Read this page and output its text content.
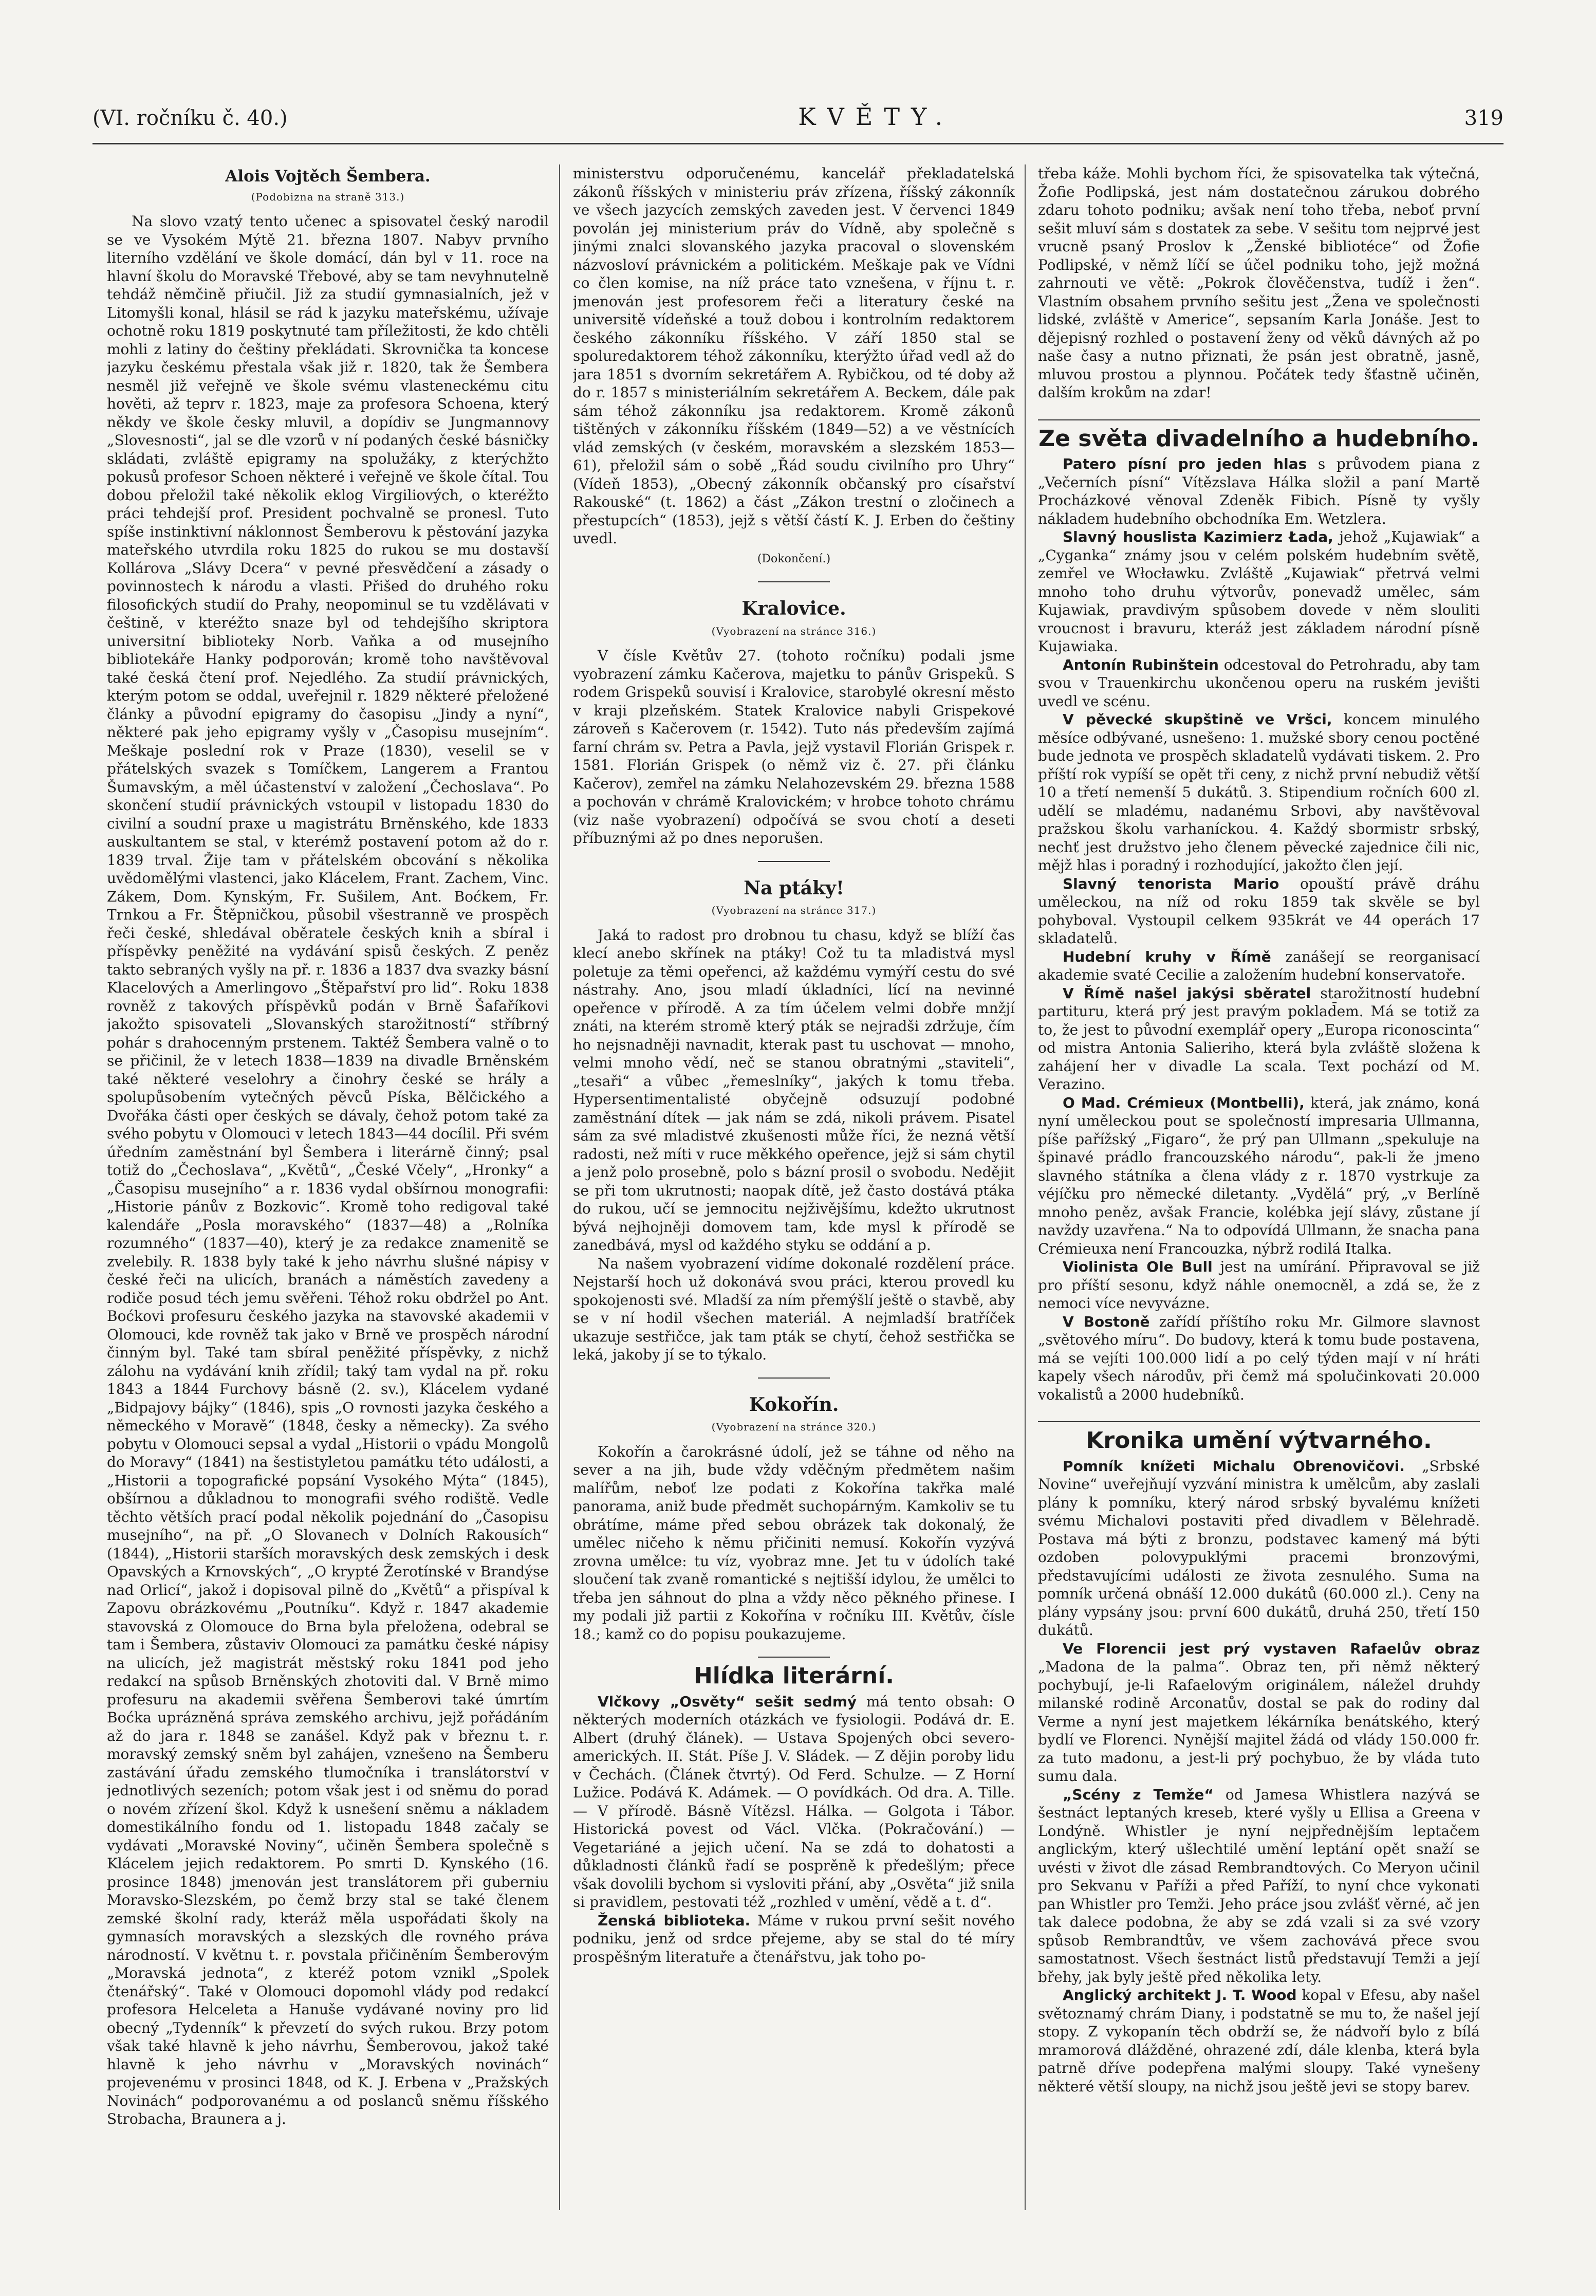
(VI. ročníku č. 40.)	KVĚTY.	319
Alois Vojtěch Šembera.
(Podobizna na straně 313.)

Na slovo vzatý tento učenec a spisovatel český narodil se ve Vysokém Mýtě 21. března 1807. Nabyv prvního literního vzdělání ve škole domácí, dán byl v 11. roce na hlavní školu do Moravské Třebové, aby se tam nevyhnutelně tehdáž němčině přiučil. Již za studií gymnasialních, jež v Litomyšli konal, hlásil se rád k jazyku mateřskému, užívaje ochotně roku 1819 poskytnuté tam příležitosti, že kdo chtěli mohli z latiny do češtiny překládati. Skrovnička ta koncese jazyku českému přestala však již r. 1820, tak že Šembera nesměl již veřejně ve škole svému vlasteneckému citu hověti, až teprv r. 1823, maje za profesora Schoena, který někdy ve škole česky mluvil, a dopídiv se Jungmannovy „Slovesnosti“, jal se dle vzorů v ní podaných české básničky skládati, zvláště epigramy na spolužáky, z kterýchžto pokusů profesor Schoen některé i veřejně ve škole čítal. Tou dobou přeložil také několik eklog Virgiliových, o kteréžto práci tehdejší prof. President pochvalně se pronesl. Tuto spíše instinktivní náklonnost Šemberovu k pěstování jazyka mateřského utvrdila roku 1825 do rukou se mu dostavší Kollárova „Slávy Dcera“ v pevné přesvědčení a zásady o povinnostech k národu a vlasti. Přišed do druhého roku filosofických studií do Prahy, neopominul se tu vzdělávati v češtině, v kteréžto snaze byl od tehdejšího skriptora universitní biblioteky Norb. Vaňka a od musejního bibliotekáře Hanky podporován; kromě toho navštěvoval také česká čtení prof. Nejedlého. Za studií právnických, kterým potom se oddal, uveřejnil r. 1829 některé přeložené články a původní epigramy do časopisu „Jindy a nyní“, některé pak jeho epigramy vyšly v „Časopisu musejním“. Meškaje poslední rok v Praze (1830), veselil se v přátelských svazek s Tomíčkem, Langerem a Frantou Šumavským, a měl účastenství v založení „Čechoslava“. Po skončení studií právnických vstoupil v listopadu 1830 do civilní a soudní praxe u magistrátu Brněnského, kde 1833 auskultantem se stal, v kterémž postavení potom až do r. 1839 trval. Žije tam v přátelském obcování s několika uvědomělými vlastenci, jako Klácelem, Frant. Zachem, Vinc. Zákem, Dom. Kynským, Fr. Sušilem, Ant. Boćkem, Fr. Trnkou a Fr. Štěpničkou, působil všestranně ve prospěch řeči české, shledával oběratele českých knih a sbíral i příspěvky peněžité na vydávání spisů českých. Z peněz takto sebraných vyšly na př. r. 1836 a 1837 dva svazky básní Klacelových a Amerlingovo „Štěpařství pro lid“. Roku 1838 rovněž z takových příspěvků podán v Brně Šafaříkovi jakožto spisovateli „Slovanských starožitností“ stříbrný pohár s drahocenným prstenem. Taktéž Šembera valně o to se přičinil, že v letech 1838—1839 na divadle Brněnském také některé veselohry a činohry české se hrály a spolupůsobením vytečných pěvců Píska, Bělčického a Dvořáka části oper českých se dávaly, čehož potom také za svého pobytu v Olomouci v letech 1843—44 docílil. Při svém úředním zaměstnání byl Šembera i literárně činný; psal totiž do „Čechoslava“, „Květů“, „České Včely“, „Hronky“ a „Časopisu musejního“ a r. 1836 vydal obšírnou monografii: „Historie pánův z Bozkovic“. Kromě toho redigoval také kalendáře „Posla moravského“ (1837—48) a „Rolníka rozumného“ (1837—40), který je za redakce znamenitě se zvelebily. R. 1838 byly také k jeho návrhu slušné nápisy v české řeči na ulicích, branách a náměstích zavedeny a rodiče posud téch jemu svěřeni. Téhož roku obdržel po Ant. Boćkovi profesuru českého jazyka na stavovské akademii v Olomouci, kde rovněž tak jako v Brně ve prospěch národní činným byl. Také tam sbíral peněžité příspěvky, z nichž zálohu na vydávání knih zřídil; taký tam vydal na př. roku 1843 a 1844 Furchovy básně (2. sv.), Klácelem vydané „Bidpajovy bájky“ (1846), spis „O rovnosti jazyka českého a německého v Moravě“ (1848, česky a německy). Za svého pobytu v Olomouci sepsal a vydal „Historii o vpádu Mongolů do Moravy“ (1841) na šestistyletou památku této události, a „Historii a topografické popsání Vysokého Mýta“ (1845), obšírnou a důkladnou to monografii svého rodiště. Vedle těchto větších prací podal několik pojednání do „Časopisu musejního“, na př. „O Slovanech v Dolních Rakousích“ (1844), „Historii starších moravských desk zemských i desk Opavských a Krnovských“, „O krypté Žerotínské v Brandýse nad Orlicí“, jakož i dopisoval pilně do „Květů“ a přispíval k Zapovu obrázkovému „Poutníku“. Když r. 1847 akademie stavovská z Olomouce do Brna byla přeložena, odebral se tam i Šembera, zůstaviv Olomouci za památku české nápisy na ulicích, jež magistrát městský roku 1841 pod jeho redakcí na spůsob Brněnských zhotoviti dal. V Brně mimo profesuru na akademii svěřena Šemberovi také úmrtím Boćka uprázněná správa zemského archivu, jejž pořádáním až do jara r. 1848 se zanášel. Když pak v březnu t. r. moravský zemský sněm byl zahájen, vznešeno na Šemberu zastávání úřadu zemského tlumočníka i translátorství v jednotlivých sezeních; potom však jest i od sněmu do porad o novém zřízení škol. Když k usnešení sněmu a nákladem domestikálního fondu od 1. listopadu 1848 začaly se vydávati „Moravské Noviny“, učiněn Šembera společně s Klácelem jejich redaktorem. Po smrti D. Kynského (16. prosince 1848) jmenován jest translátorem při guberniu Moravsko-Slezském, po čemž brzy stal se také členem zemské školní rady, kteráž měla uspořádati školy na gymnasích moravských a slezských dle rovného práva národností. V květnu t. r. povstala přičiněním Šemberovým „Moravská jednota“, z kteréž potom vznikl „Spolek čtenářský“. Také v Olomouci dopomohl vlády pod redakcí profesora Helceleta a Hanuše vydávané noviny pro lid obecný „Tydenník“ k převzetí do svých rukou. Brzy potom však také hlavně k jeho návrhu, Šemberovou, jakož také hlavně k jeho návrhu v „Moravských novinách“ projevenému v prosinci 1848, od K. J. Erbena v „Pražských Novinách“ podporovanému a od poslanců sněmu říšského Strobacha, Braunera a j.

ministerstvu odporučenému, kancelář překladatelská zákonů říšských v ministeriu práv zřízena, říšský zákonník ve všech jazycích zemských zaveden jest. V červenci 1849 povolán jej ministerium práv do Vídně, aby společně s jinými znalci slovanského jazyka pracoval o slovenském názvosloví právnickém a politickém. Meškaje pak ve Vídni co člen komise, na níž práce tato vznešena, v říjnu t. r. jmenován jest profesorem řeči a literatury české na universitě vídeňské a touž dobou i kontrolním redaktorem českého zákonníku říšského. V září 1850 stal se spoluredaktorem téhož zákonníku, kterýžto úřad vedl až do jara 1851 s dvorním sekretářem A. Rybičkou, od té doby až do r. 1857 s ministeriálním sekretářem A. Beckem, dále pak sám téhož zákonníku jsa redaktorem. Kromě zákonů tištěných v zákonníku říšském (1849—52) a ve věstnících vlád zemských (v českém, moravském a slezském 1853—61), přeložil sám o sobě „Řád soudu civilního pro Uhry“ (Vídeň 1853), „Obecný zákonník občanský pro císařství Rakouské“ (t. 1862) a část „Zákon trestní o zločinech a přestupcích“ (1853), jejž s větší částí K. J. Erben do češtiny uvedl.

(Dokončení.)
Kralovice.
(Vyobrazení na stránce 316.)

V čísle Květův 27. (tohoto ročníku) podali jsme vyobrazení zámku Kačerova, majetku to pánův Grispeků. S rodem Grispeků souvisí i Kralovice, starobylé okresní město v kraji plzeňském. Statek Kralovice nabyli Grispekové zároveň s Kačerovem (r. 1542). Tuto nás především zajímá farní chrám sv. Petra a Pavla, jejž vystavil Florián Grispek r. 1581. Florián Grispek (o němž viz č. 27. při článku Kačerov), zemřel na zámku Nelahozevském 29. března 1588 a pochován v chrámě Kralovickém; v hrobce tohoto chrámu (viz naše vyobrazení) odpočívá se svou chotí a deseti příbuznými až po dnes neporušen.

Na ptáky!
(Vyobrazení na stránce 317.)

Jaká to radost pro drobnou tu chasu, když se blíží čas klecí anebo skřínek na ptáky! Což tu ta mladistvá mysl poletuje za těmi opeřenci, až každému vymýří cestu do své nástrahy. Ano, jsou mladí úkladníci, lící na nevinné opeřence v přírodě. A za tím účelem velmi dobře mnžjí znáti, na kterém stromě který pták se nejradši zdržuje, čím ho nejsnadněji navnadit, kterak past tu uschovat — mnoho, velmi mnoho vědí, neč se stanou obratnými „staviteli“, „tesaři“ a vůbec „řemeslníky“, jakých k tomu třeba. Hypersentimentalisté obyčejně odsuzují podobné zaměstnání dítek — jak nám se zdá, nikoli právem. Pisatel sám za své mladistvé zkušenosti může říci, že nezná větší radosti, než míti v ruce měkkého opeřence, jejž si sám chytil a jenž polo prosebně, polo s bázní prosil o svobodu. Nedějit se při tom ukrutnosti; naopak dítě, jež často dostává ptáka do rukou, učí se jemnocitu nejživějšímu, kdežto ukrutnost bývá nejhojněji domovem tam, kde mysl k přírodě se zanedbává, mysl od každého styku se oddání a p.

Na našem vyobrazení vidíme dokonalé rozdělení práce. Nejstarší hoch už dokonává svou práci, kterou provedl ku spokojenosti své. Mladší za ním přemýšlí ještě o stavbě, aby se v ní hodil všechen materiál. A nejmladší bratříček ukazuje sestřičce, jak tam pták se chytí, čehož sestřička se leká, jakoby jí se to týkalo.

Kokořín.
(Vyobrazení na stránce 320.)

Kokořín a čarokrásné údolí, jež se táhne od něho na sever a na jih, bude vždy vděčným předmětem našim malířům, neboť lze podati z Kokořína takřka malé panorama, aniž bude předmět suchopárným. Kamkoliv se tu obrátíme, máme před sebou obrázek tak dokonalý, že umělec ničeho k němu přičiniti nemusí. Kokořín vyzývá zrovna umělce: tu víz, vyobraz mne. Jet tu v údolích také sloučení tak zvaně romantické s nejtišší idylou, že umělci to třeba jen sáhnout do plna a vždy něco pěkného přinese. I my podali již partii z Kokořína v ročníku III. Květův, čísle 18.; kamž co do popisu poukazujeme.

Hlídka literární.

Vlčkovy „Osvěty“ sešit sedmý má tento obsah: O některých moderních otázkách ve fysiologii. Podává dr. E. Albert (druhý článek). — Ustava Spojených obci severo-amerických. II. Stát. Píše J. V. Sládek. — Z dějin poroby lidu v Čechách. (Článek čtvrtý). Od Ferd. Schulze. — Z Horní Lužice. Podává K. Adámek. — O povídkách. Od dra. A. Tille. — V přírodě. Básně Vítězsl. Hálka. — Golgota i Tábor. Historická povest od Václ. Vlčka. (Pokračování.) — Vegetariáné a jejich učení. Na se zdá to dohatosti a důkladnosti článků řadí se posprěně k předešlým; přece však dovolili bychom si vysloviti přání, aby „Osvěta“ již snila si pravidlem, pestovati též „rozhled v umění, vědě a t. d“.

Ženská biblioteka. Máme v rukou první sešit nového podniku, jenž od srdce přejeme, aby se stal do té míry prospěšným literatuře a čtenářstvu, jak toho po-

třeba káže. Mohli bychom říci, že spisovatelka tak výtečná, Žofie Podlipská, jest nám dostatečnou zárukou dobrého zdaru tohoto podniku; avšak není toho třeba, neboť první sešit mluví sám s dostatek za sebe. V sešitu tom nejprvé jest vrucně psaný Proslov k „Ženské bibliotéce“ od Žofie Podlipské, v němž líčí se účel podniku toho, jejž možná zahrnouti ve větě: „Pokrok člověčenstva, tudíž i žen“. Vlastním obsahem prvního sešitu jest „Žena ve společnosti lidské, zvláště v Americe“, sepsaním Karla Jonáše. Jest to dějepisný rozhled o postavení ženy od věků dávných až po naše časy a nutno přiznati, že psán jest obratně, jasně, mluvou prostou a plynnou. Počátek tedy šťastně učiněn, dalším krokům na zdar!

Ze světa divadelního a hudebního.

Patero písní pro jeden hlas s průvodem piana z „Večerních písní“ Vítězslava Hálka složil a paní Martě Procházkové věnoval Zdeněk Fibich. Písně ty vyšly nákladem hudebního obchodníka Em. Wetzlera.

Slavný houslista Kazimierz Łada, jehož „Kujawiak“ a „Cyganka“ známy jsou v celém polském hudebním světě, zemřel ve Włocławku. Zvláště „Kujawiak“ přetrvá velmi mnoho toho druhu výtvorův, ponevadž umělec, sám Kujawiak, pravdivým spůsobem dovede v něm slouliti vroucnost i bravuru, kteráž jest základem národní písně Kujawiaka.

Antonín Rubinštein odcestoval do Petrohradu, aby tam svou v Trauenkirchu ukončenou operu na ruském jevišti uvedl ve scénu.

V pěvecké skupštině ve Vršci, koncem minulého měsíce odbývané, usnešeno: 1. mužské sbory cenou poctěné bude jednota ve prospěch skladatelů vydávati tiskem. 2. Pro příští rok vypíší se opět tři ceny, z nichž první nebudiž větší 10 a třetí nemenší 5 dukátů. 3. Stipendium ročních 600 zl. udělí se mladému, nadanému Srbovi, aby navštěvoval pražskou školu varhaníckou. 4. Každý sbormistr srbský, nechť jest družstvo jeho členem pěvecké zajednice čili nic, mějž hlas i poradný i rozhodující, jakožto člen její.

Slavný tenorista Mario opouští právě dráhu uměleckou, na níž od roku 1859 tak skvěle se byl pohyboval. Vystoupil celkem 935krát ve 44 operách 17 skladatelů.

Hudební kruhy v Římě zanášejí se reorganisací akademie svaté Cecilie a založením hudební konservatoře.

V Římě našel jakýsi sběratel starožitností hudební partituru, která prý jest pravým poklad̄em. Má se totiž za to, že jest to původní exemplář opery „Europa riconoscinta“ od mistra Antonia Salieriho, která byla zvláště složena k zahájení her v divadle La scala. Text pochází od M. Verazino.

O Mad. Crémieux (Montbelli), která, jak známo, koná nyní uměleckou pout se společností impresaria Ullmanna, píše pařížský „Figaro“, že prý pan Ullmann „spekuluje na špinavé prádlo francouzského národu“, pak-li že jmeno slavného státníka a člena vlády z r. 1870 vystrkuje za véjíčku pro německé diletanty. „Vydělá“ prý, „v Berlíně mnoho peněz, avšak Francie, kolébka její slávy, zůstane jí navždy uzavřena.“ Na to odpovídá Ullmann, že snacha pana Crémieuxa není Francouzka, nýbrž rodilá Italka.

Violinista Ole Bull jest na umírání. Připravoval se již pro příští sesonu, když náhle onemocněl, a zdá se, že z nemoci více nevyváznе.

V Bostoně zařídí příštího roku Mr. Gilmore slavnost „světového míru“. Do budovy, která k tomu bude postavena, má se vejíti 100.000 lidí a po celý týden mají v ní hráti kapely všech národův, při čemž má spolučinkovati 20.000 vokalistů a 2000 hudebníků.

Kronika umění výtvarného.

Pomník knížeti Michalu Obrenovičovi. „Srbské Novine“ uveřejňují vyzvání ministra k umělcům, aby zaslali plány k pomníku, který národ srbský byvalému knížeti svému Michalovi postaviti před divadlem v Bělehradě. Postava má býti z bronzu, podstavec kamený má býti ozdoben polovypuklými pracemi bronzovými, představujícími události ze života zesnulého. Suma na pomník určená obnáší 12.000 dukátů (60.000 zl.). Ceny na plány vypsány jsou: první 600 dukátů, druhá 250, třetí 150 dukátů.

Ve Florencii jest prý vystaven Rafaelův obraz „Madona de la palma“. Obraz ten, při němž některý pochybují, je-li Rafaelovým originálem, náležel druhdy milanské rodině Arconatův, dostal se pak do rodiny dal Verme a nyní jest majetkem lékárníka benátského, který bydlí ve Florenci. Nynější majitel žádá od vlády 150.000 fr. za tuto madonu, a jest-li prý pochybuo, že by vláda tuto sumu dala.

„Scény z Temže“ od Jamesa Whistlera nazývá se šestnáct leptaných kreseb, které vyšly u Ellisa a Greena v Londýně. Whistler je nyní nejpřednějším leptačem anglickým, který ušlechtilé umění leptání opět snaží se uvésti v život dle zásad Rembrandtových. Co Meryon učinil pro Sekvanu v Paříži a před Paříží, to nyní chce vykonati pan Whistler pro Temži. Jeho práce jsou zvlášť věrné, ač jen tak dalece podobna, že aby se zdá vzali si za své vzory spůsob Rembrandtův, ve všem zachovává přece svou samostatnost. Všech šestnáct listů představují Temži a její břehy, jak byly ještě před několika lety.

Anglický architekt J. T. Wood kopal v Efesu, aby našel světoznamý chrám Diany, i podstatně se mu to, že našel její stopy. Z vykopanín těch obdrží se, že nádvoří bylo z bílá mramorová dlážděné, ohrazené zdí, dále klenba, která byla patrně dříve podepřena malými sloupy. Také vynešeny některé větší sloupy, na nichž jsou ještě jevi se stopy barev.
